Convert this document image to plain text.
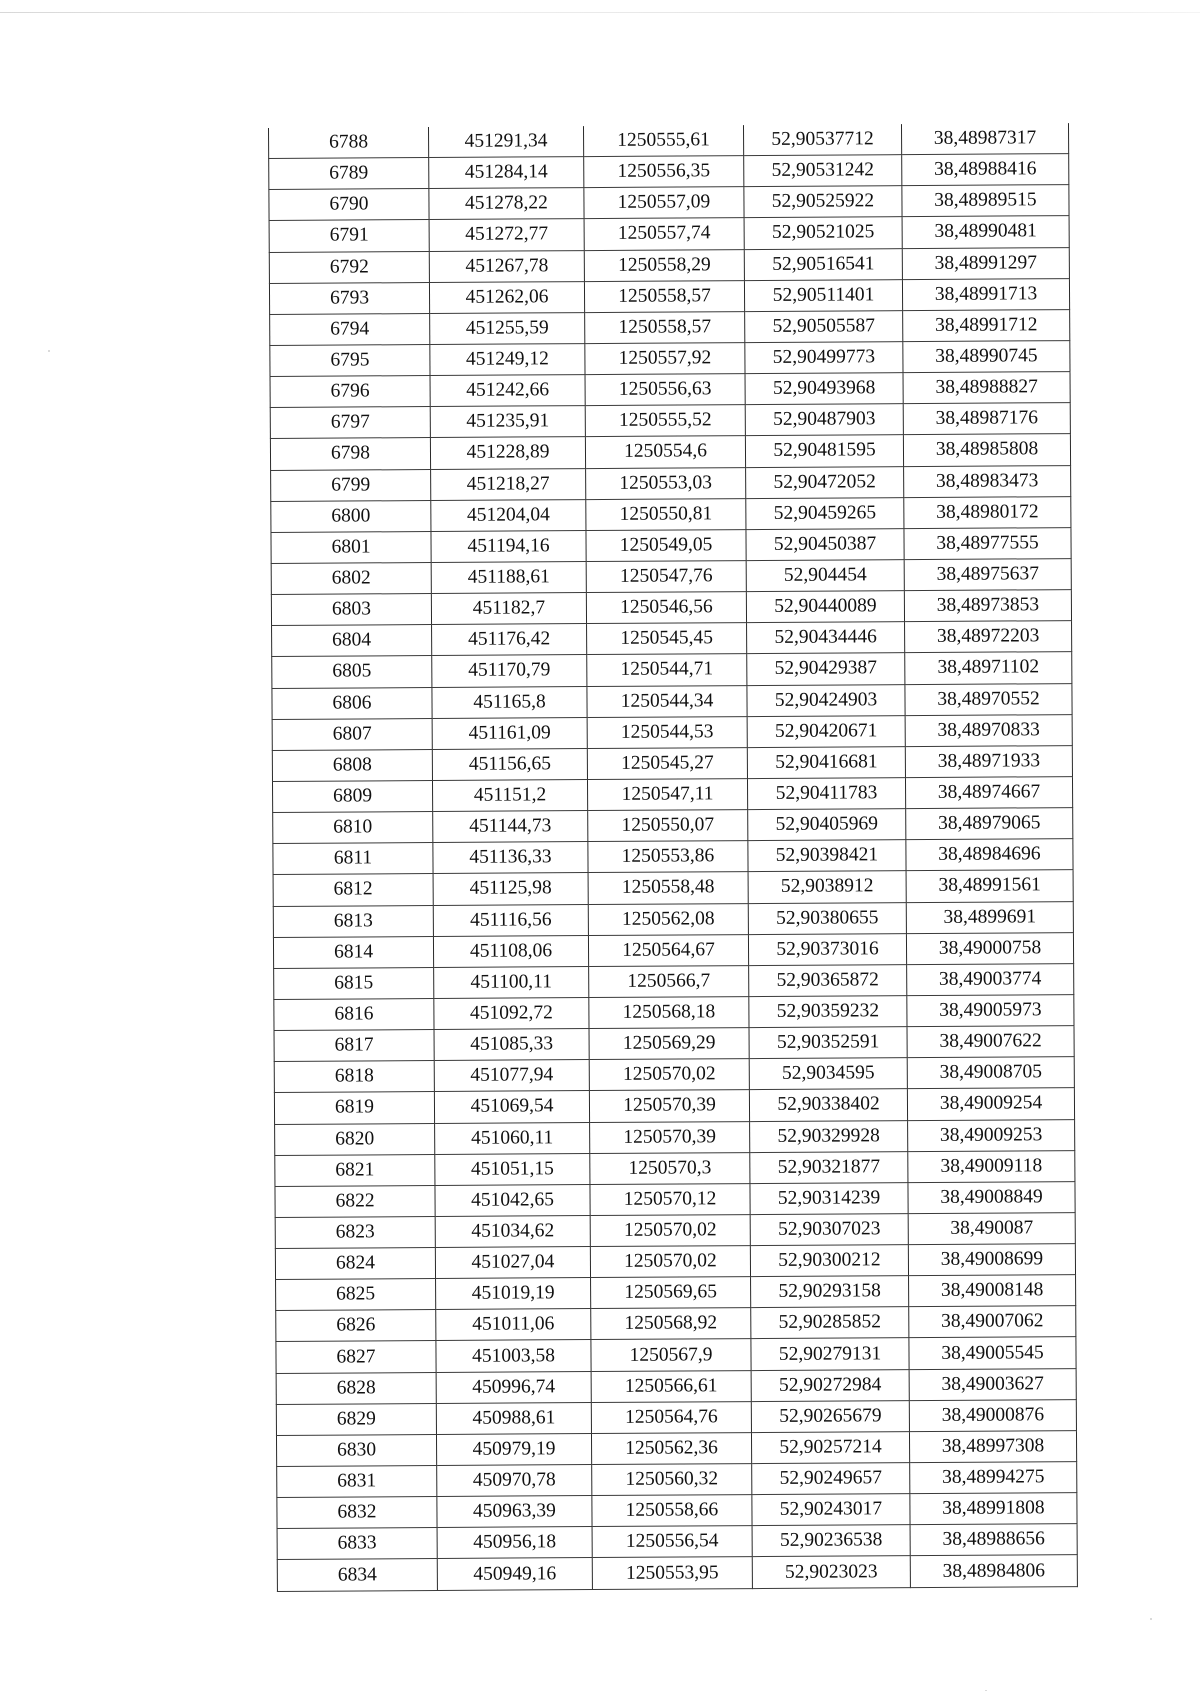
6788	451291,34	1250555,61	52,90537712	38,48987317
6789	451284,14	1250556,35	52,90531242	38,48988416
6790	451278,22	1250557,09	52,90525922	38,48989515
6791	451272,77	1250557,74	52,90521025	38,48990481
6792	451267,78	1250558,29	52,90516541	38,48991297
6793	451262,06	1250558,57	52,90511401	38,48991713
6794	451255,59	1250558,57	52,90505587	38,48991712
6795	451249,12	1250557,92	52,90499773	38,48990745
6796	451242,66	1250556,63	52,90493968	38,48988827
6797	451235,91	1250555,52	52,90487903	38,48987176
6798	451228,89	1250554,6	52,90481595	38,48985808
6799	451218,27	1250553,03	52,90472052	38,48983473
6800	451204,04	1250550,81	52,90459265	38,48980172
6801	451194,16	1250549,05	52,90450387	38,48977555
6802	451188,61	1250547,76	52,904454	38,48975637
6803	451182,7	1250546,56	52,90440089	38,48973853
6804	451176,42	1250545,45	52,90434446	38,48972203
6805	451170,79	1250544,71	52,90429387	38,48971102
6806	451165,8	1250544,34	52,90424903	38,48970552
6807	451161,09	1250544,53	52,90420671	38,48970833
6808	451156,65	1250545,27	52,90416681	38,48971933
6809	451151,2	1250547,11	52,90411783	38,48974667
6810	451144,73	1250550,07	52,90405969	38,48979065
6811	451136,33	1250553,86	52,90398421	38,48984696
6812	451125,98	1250558,48	52,9038912	38,48991561
6813	451116,56	1250562,08	52,90380655	38,4899691
6814	451108,06	1250564,67	52,90373016	38,49000758
6815	451100,11	1250566,7	52,90365872	38,49003774
6816	451092,72	1250568,18	52,90359232	38,49005973
6817	451085,33	1250569,29	52,90352591	38,49007622
6818	451077,94	1250570,02	52,9034595	38,49008705
6819	451069,54	1250570,39	52,90338402	38,49009254
6820	451060,11	1250570,39	52,90329928	38,49009253
6821	451051,15	1250570,3	52,90321877	38,49009118
6822	451042,65	1250570,12	52,90314239	38,49008849
6823	451034,62	1250570,02	52,90307023	38,490087
6824	451027,04	1250570,02	52,90300212	38,49008699
6825	451019,19	1250569,65	52,90293158	38,49008148
6826	451011,06	1250568,92	52,90285852	38,49007062
6827	451003,58	1250567,9	52,90279131	38,49005545
6828	450996,74	1250566,61	52,90272984	38,49003627
6829	450988,61	1250564,76	52,90265679	38,49000876
6830	450979,19	1250562,36	52,90257214	38,48997308
6831	450970,78	1250560,32	52,90249657	38,48994275
6832	450963,39	1250558,66	52,90243017	38,48991808
6833	450956,18	1250556,54	52,90236538	38,48988656
6834	450949,16	1250553,95	52,9023023	38,48984806
